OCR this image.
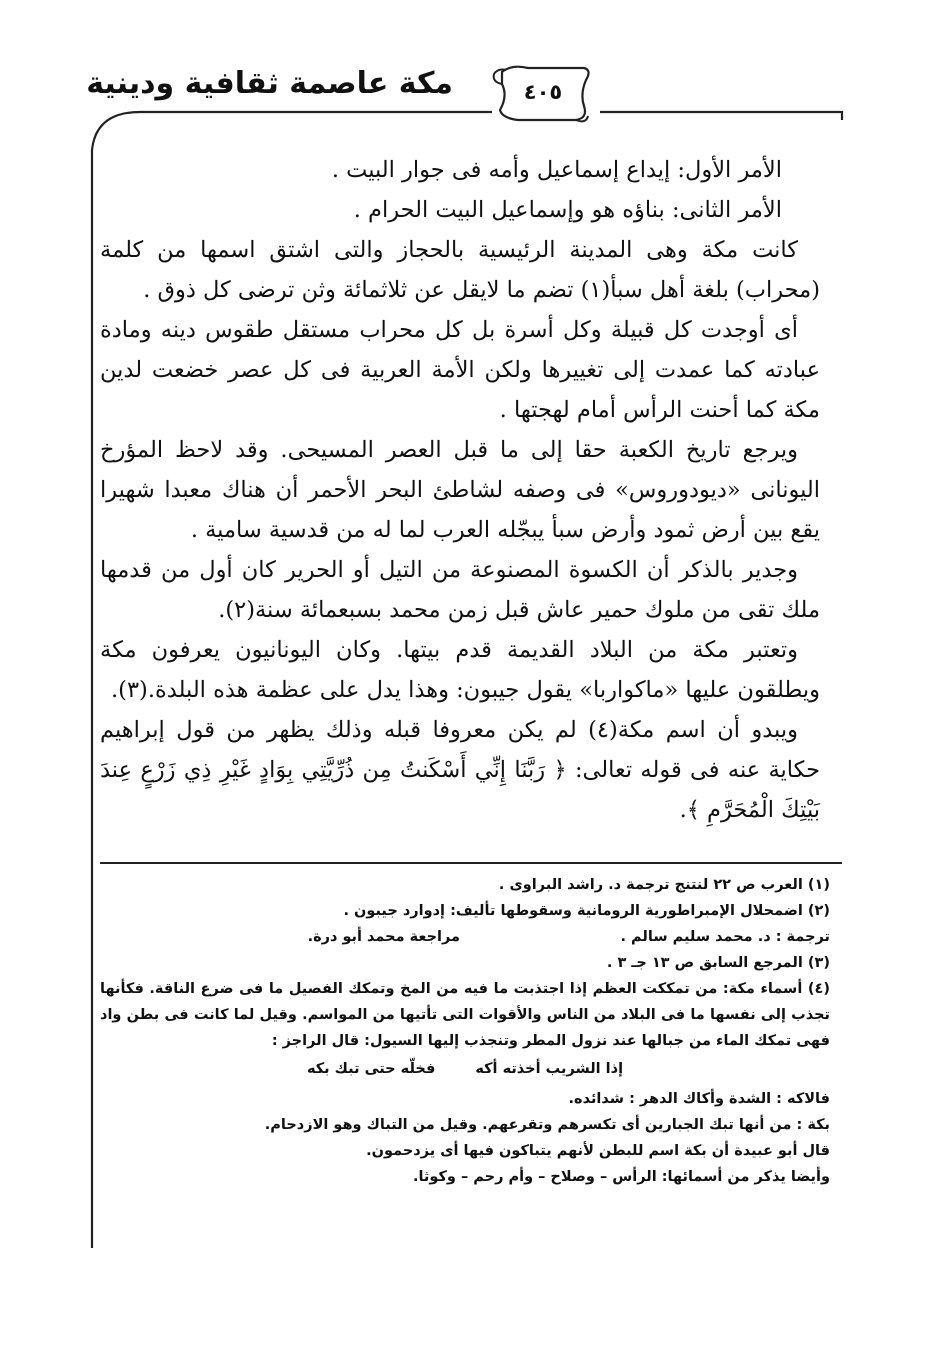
مكة عاصمة ثقافية ودينية	٤٠٥

الأمر الأول: إيداع إسماعيل وأمه فى جوار البيت .

الأمر الثانى: بناؤه هو وإسماعيل البيت الحرام .

كانت مكة وهى المدينة الرئيسية بالحجاز والتى اشتق اسمها من كلمة (محراب) بلغة أهل سبأ(١) تضم ما لايقل عن ثلاثمائة وثن ترضى كل ذوق .

أى أوجدت كل قبيلة وكل أسرة بل كل محراب مستقل طقوس دينه ومادة عبادته كما عمدت إلى تغييرها ولكن الأمة العربية فى كل عصر خضعت لدين مكة كما أحنت الرأس أمام لهجتها .

ويرجع تاريخ الكعبة حقا إلى ما قبل العصر المسيحى. وقد لاحظ المؤرخ اليونانى «ديودوروس» فى وصفه لشاطئ البحر الأحمر أن هناك معبدا شهيرا يقع بين أرض ثمود وأرض سبأ يبجّله العرب لما له من قدسية سامية .

وجدير بالذكر أن الكسوة المصنوعة من التيل أو الحرير كان أول من قدمها ملك تقى من ملوك حمير عاش قبل زمن محمد بسبعمائة سنة(٢).

وتعتبر مكة من البلاد القديمة قدم بيتها. وكان اليونانيون يعرفون مكة ويطلقون عليها «ماكواربا» يقول جيبون: وهذا يدل على عظمة هذه البلدة.(٣).

ويبدو أن اسم مكة(٤) لم يكن معروفا قبله وذلك يظهر من قول إبراهيم حكاية عنه فى قوله تعالى: ﴿ رَبَّنَا إِنِّي أَسْكَنتُ مِن ذُرِّيَّتِي بِوَادٍ غَيْرِ ذِي زَرْعٍ عِندَ بَيْتِكَ الْمُحَرَّمِ ﴾.

(١) العرب ص ٢٢ لنتنج ترجمة د. راشد البراوى .

(٢) اضمحلال الإمبراطورية الرومانية وسقوطها تأليف: إدوارد جيبون .

ترجمة : د. محمد سليم سالم .
مراجعة محمد أبو درة.

(٣) المرجع السابق ص ١٣ جـ ٣ .

(٤) أسماء مكة: من تمككت العظم إذا اجتذبت ما فيه من المخ وتمكك الفصيل ما فى ضرع الناقة. فكأنها تجذب إلى نفسها ما فى البلاد من الناس والأقوات التى تأتيها من المواسم. وقيل لما كانت فى بطن واد فهى تمكك الماء من جبالها عند نزول المطر وتنجذب إليها السيول: قال الراجز :

إذا الشريب أخذته أكه
فخلّه حتى تبك بكه

فالاكه : الشدة وأكاك الدهر : شدائده.

بكة : من أنها تبك الجبارين أى تكسرهم وتقرعهم. وقيل من التباك وهو الازدحام.

قال أبو عبيدة أن بكة اسم للبطن لأنهم يتباكون فيها أى يزدحمون.

وأيضا يذكر من أسمائها: الرأس – وصلاح – وأم رحم – وكوثا.
